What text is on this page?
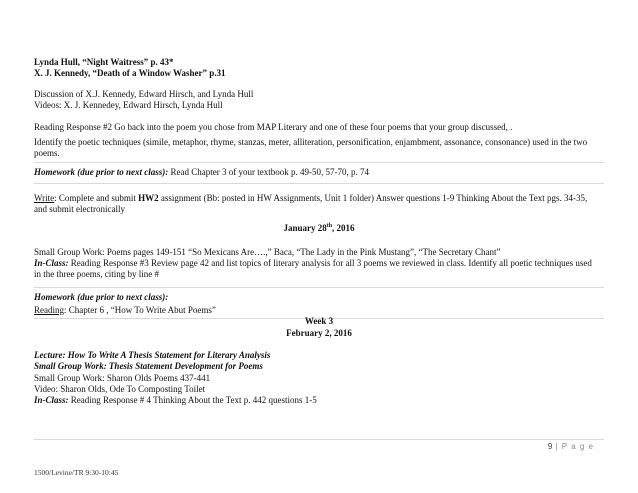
Lynda Hull, “Night Waitress” p. 43*

X. J. Kennedy, “Death of a Window Washer” p.31

Discussion of X.J. Kennedy, Edward Hirsch, and Lynda Hull

Videos: X. J. Kennedey, Edward Hirsch, Lynda Hull

Reading Response #2 Go back into the poem you chose from MAP Literary and one of these four poems that your group discussed, .

Identify the poetic techniques (simile, metaphor, rhyme, stanzas, meter, alliteration, personification, enjambment, assonance, consonance) used in the two poems.

Homework (due prior to next class): Read Chapter 3 of your textbook p. 49-50, 57-70, p. 74

Write: Complete and submit HW2 assignment (Bb: posted in HW Assignments, Unit 1 folder) Answer questions 1-9 Thinking About the Text pgs. 34-35, and submit electronically

January 28th, 2016

Small Group Work: Poems pages 149-151 “So Mexicans Are….,” Baca, “The Lady in the Pink Mustang”, “The Secretary Chant”

In-Class: Reading Response #3 Review page 42 and list topics of literary analysis for all 3 poems we reviewed in class. Identify all poetic techniques used in the three poems, citing by line #

Homework (due prior to next class):

Reading: Chapter 6 , “How To Write Abut Poems”

Week 3

February 2, 2016

Lecture: How To Write A Thesis Statement for Literary Analysis

Small Group Work: Thesis Statement Development for Poems

Small Group Work: Sharon Olds Poems 437-441

Video: Sharon Olds, Ode To Composting Toilet

In-Class: Reading Response # 4 Thinking About the Text p. 442 questions 1-5

9 | P a g e
1500/Levine/TR 9:30-10:45
